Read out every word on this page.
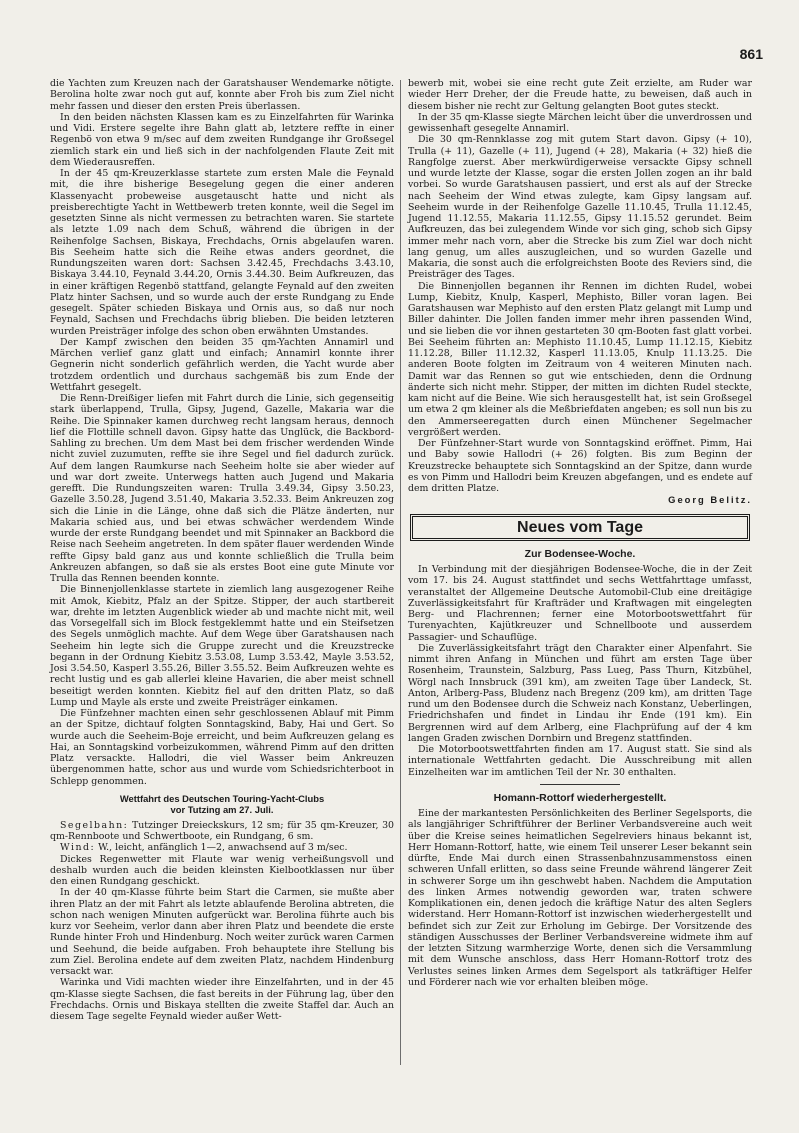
861

die Yachten zum Kreuzen nach der Garatshauser Wendemarke nötigte. Berolina holte zwar noch gut auf, konnte aber Froh bis zum Ziel nicht mehr fassen und dieser den ersten Preis überlassen.

In den beiden nächsten Klassen kam es zu Einzelfahrten für Warinka und Vidi. Erstere segelte ihre Bahn glatt ab, letztere reffte in einer Regenbö von etwa 9 m/sec auf dem zweiten Rundgange ihr Großsegel ziemlich stark ein und ließ sich in der nachfolgenden Flaute Zeit mit dem Wiederausreffen.

In der 45 qm-Kreuzerklasse startete zum ersten Male die Feynald mit, die ihre bisherige Besegelung gegen die einer anderen Klassenyacht probeweise ausgetauscht hatte und nicht als preisberechtigte Yacht in Wettbewerb treten konnte, weil die Segel im gesetzten Sinne als nicht vermessen zu betrachten waren. Sie startete als letzte 1.09 nach dem Schuß, während die übrigen in der Reihenfolge Sachsen, Biskaya, Frechdachs, Ornis abgelaufen waren. Bis Seeheim hatte sich die Reihe etwas anders geordnet, die Rundungszeiten waren dort: Sachsen 3.42.45, Frechdachs 3.43.10, Biskaya 3.44.10, Feynald 3.44.20, Ornis 3.44.30. Beim Aufkreuzen, das in einer kräftigen Regenbö stattfand, gelangte Feynald auf den zweiten Platz hinter Sachsen, und so wurde auch der erste Rundgang zu Ende gesegelt. Später schieden Biskaya und Ornis aus, so daß nur noch Feynald, Sachsen und Frechdachs übrig blieben. Die beiden letzteren wurden Preisträger infolge des schon oben erwähnten Umstandes.

Der Kampf zwischen den beiden 35 qm-Yachten Annamirl und Märchen verlief ganz glatt und einfach; Annamirl konnte ihrer Gegnerin nicht sonderlich gefährlich werden, die Yacht wurde aber trotzdem ordentlich und durchaus sachgemäß bis zum Ende der Wettfahrt gesegelt.

Die Renn-Dreißiger liefen mit Fahrt durch die Linie, sich gegenseitig stark überlappend, Trulla, Gipsy, Jugend, Gazelle, Makaria war die Reihe. Die Spinnaker kamen durchweg recht langsam heraus, dennoch lief die Flottille schnell davon. Gipsy hatte das Unglück, die Backbord-Sahling zu brechen. Um dem Mast bei dem frischer werdenden Winde nicht zuviel zuzumuten, reffte sie ihre Segel und fiel dadurch zurück. Auf dem langen Raumkurse nach Seeheim holte sie aber wieder auf und war dort zweite. Unterwegs hatten auch Jugend und Makaria gerefft. Die Rundungszeiten waren: Trulla 3.49.34, Gipsy 3.50.23, Gazelle 3.50.28, Jugend 3.51.40, Makaria 3.52.33. Beim Ankreuzen zog sich die Linie in die Länge, ohne daß sich die Plätze änderten, nur Makaria schied aus, und bei etwas schwächer werdendem Winde wurde der erste Rundgang beendet und mit Spinnaker an Backbord die Reise nach Seeheim angetreten. In dem später flauer werdenden Winde reffte Gipsy bald ganz aus und konnte schließlich die Trulla beim Ankreuzen abfangen, so daß sie als erstes Boot eine gute Minute vor Trulla das Rennen beenden konnte.

Die Binnenjollenklasse startete in ziemlich lang ausgezogener Reihe mit Amok, Kiebitz, Pfalz an der Spitze. Stipper, der auch startbereit war, drehte im letzten Augenblick wieder ab und machte nicht mit, weil das Vorsegelfall sich im Block festgeklemmt hatte und ein Steifsetzen des Segels unmöglich machte. Auf dem Wege über Garatshausen nach Seeheim hin legte sich die Gruppe zurecht und die Kreuzstrecke begann in der Ordnung Kiebitz 3.53.08, Lump 3.53.42, Mayle 3.53.52, Josi 3.54.50, Kasperl 3.55.26, Biller 3.55.52. Beim Aufkreuzen wehte es recht lustig und es gab allerlei kleine Havarien, die aber meist schnell beseitigt werden konnten. Kiebitz fiel auf den dritten Platz, so daß Lump und Mayle als erste und zweite Preisträger einkamen.

Die Fünfzehner machten einen sehr geschlossenen Ablauf mit Pimm an der Spitze, dichtauf folgten Sonntagskind, Baby, Hai und Gert. So wurde auch die Seeheim-Boje erreicht, und beim Aufkreuzen gelang es Hai, an Sonntagskind vorbeizukommen, während Pimm auf den dritten Platz versackte. Hallodri, die viel Wasser beim Ankreuzen übergenommen hatte, schor aus und wurde vom Schiedsrichterboot in Schlepp genommen.

Wettfahrt des Deutschen Touring-Yacht-Clubs
vor Tutzing am 27. Juli.

Segelbahn: Tutzinger Dreieckskurs, 12 sm; für 35 qm-Kreuzer, 30 qm-Rennboote und Schwertboote, ein Rundgang, 6 sm.

Wind: W., leicht, anfänglich 1—2, anwachsend auf 3 m/sec.

Dickes Regenwetter mit Flaute war wenig verheißungsvoll und deshalb wurden auch die beiden kleinsten Kielbootklassen nur über den einen Rundgang geschickt.

In der 40 qm-Klasse führte beim Start die Carmen, sie mußte aber ihren Platz an der mit Fahrt als letzte ablaufende Berolina abtreten, die schon nach wenigen Minuten aufgerückt war. Berolina führte auch bis kurz vor Seeheim, verlor dann aber ihren Platz und beendete die erste Runde hinter Froh und Hindenburg. Noch weiter zurück waren Carmen und Seehund, die beide aufgaben. Froh behauptete ihre Stellung bis zum Ziel. Berolina endete auf dem zweiten Platz, nachdem Hindenburg versackt war.

Warinka und Vidi machten wieder ihre Einzelfahrten, und in der 45 qm-Klasse siegte Sachsen, die fast bereits in der Führung lag, über den Frechdachs. Ornis und Biskaya stellten die zweite Staffel dar. Auch an diesem Tage segelte Feynald wieder außer Wett-

bewerb mit, wobei sie eine recht gute Zeit erzielte, am Ruder war wieder Herr Dreher, der die Freude hatte, zu beweisen, daß auch in diesem bisher nie recht zur Geltung gelangten Boot gutes steckt.

In der 35 qm-Klasse siegte Märchen leicht über die unverdrossen und gewissenhaft gesegelte Annamirl.

Die 30 qm-Rennklasse zog mit gutem Start davon. Gipsy (+ 10), Trulla (+ 11), Gazelle (+ 11), Jugend (+ 28), Makaria (+ 32) hieß die Rangfolge zuerst. Aber merkwürdigerweise versackte Gipsy schnell und wurde letzte der Klasse, sogar die ersten Jollen zogen an ihr bald vorbei. So wurde Garatshausen passiert, und erst als auf der Strecke nach Seeheim der Wind etwas zulegte, kam Gipsy langsam auf. Seeheim wurde in der Reihenfolge Gazelle 11.10.45, Trulla 11.12.45, Jugend 11.12.55, Makaria 11.12.55, Gipsy 11.15.52 gerundet. Beim Aufkreuzen, das bei zulegendem Winde vor sich ging, schob sich Gipsy immer mehr nach vorn, aber die Strecke bis zum Ziel war doch nicht lang genug, um alles auszugleichen, und so wurden Gazelle und Makaria, die sonst auch die erfolgreichsten Boote des Reviers sind, die Preisträger des Tages.

Die Binnenjollen begannen ihr Rennen im dichten Rudel, wobei Lump, Kiebitz, Knulp, Kasperl, Mephisto, Biller voran lagen. Bei Garatshausen war Mephisto auf den ersten Platz gelangt mit Lump und Biller dahinter. Die Jollen fanden immer mehr ihren passenden Wind, und sie lieben die vor ihnen gestarteten 30 qm-Booten fast glatt vorbei. Bei Seeheim führten an: Mephisto 11.10.45, Lump 11.12.15, Kiebitz 11.12.28, Biller 11.12.32, Kasperl 11.13.05, Knulp 11.13.25. Die anderen Boote folgten im Zeitraum von 4 weiteren Minuten nach. Damit war das Rennen so gut wie entschieden, denn die Ordnung änderte sich nicht mehr. Stipper, der mitten im dichten Rudel steckte, kam nicht auf die Beine. Wie sich herausgestellt hat, ist sein Großsegel um etwa 2 qm kleiner als die Meßbriefdaten angeben; es soll nun bis zu den Ammerseeregatten durch einen Münchener Segelmacher vergrößert werden.

Der Fünfzehner-Start wurde von Sonntagskind eröffnet. Pimm, Hai und Baby sowie Hallodri (+ 26) folgten. Bis zum Beginn der Kreuzstrecke behauptete sich Sonntagskind an der Spitze, dann wurde es von Pimm und Hallodri beim Kreuzen abgefangen, und es endete auf dem dritten Platze.

Georg Belitz.
Neues vom Tage
Zur Bodensee-Woche.

In Verbindung mit der diesjährigen Bodensee-Woche, die in der Zeit vom 17. bis 24. August stattfindet und sechs Wettfahrttage umfasst, veranstaltet der Allgemeine Deutsche Automobil-Club eine dreitägige Zuverlässigkeitsfahrt für Krafträder und Kraftwagen mit eingelegten Berg- und Flachrennen; ferner eine Motorbootswettfahrt für Turenyachten, Kajütkreuzer und Schnellboote und ausserdem Passagier- und Schauflüge.

Die Zuverlässigkeitsfahrt trägt den Charakter einer Alpenfahrt. Sie nimmt ihren Anfang in München und führt am ersten Tage über Rosenheim, Traunstein, Salzburg, Pass Lueg, Pass Thurn, Kitzbühel, Wörgl nach Innsbruck (391 km), am zweiten Tage über Landeck, St. Anton, Arlberg-Pass, Bludenz nach Bregenz (209 km), am dritten Tage rund um den Bodensee durch die Schweiz nach Konstanz, Ueberlingen, Friedrichshafen und findet in Lindau ihr Ende (191 km). Ein Bergrennen wird auf dem Arlberg, eine Flachprüfung auf der 4 km langen Graden zwischen Dornbirn und Bregenz stattfinden.

Die Motorbootswettfahrten finden am 17. August statt. Sie sind als internationale Wettfahrten gedacht. Die Ausschreibung mit allen Einzelheiten war im amtlichen Teil der Nr. 30 enthalten.

Homann-Rottorf wiederhergestellt.

Eine der markantesten Persönlichkeiten des Berliner Segelsports, die als langjähriger Schriftführer der Berliner Verbandsvereine auch weit über die Kreise seines heimatlichen Segelreviers hinaus bekannt ist, Herr Homann-Rottorf, hatte, wie einem Teil unserer Leser bekannt sein dürfte, Ende Mai durch einen Strassenbahnzusammenstoss einen schweren Unfall erlitten, so dass seine Freunde während längerer Zeit in schwerer Sorge um ihn geschwebt haben. Nachdem die Amputation des linken Armes notwendig geworden war, traten schwere Komplikationen ein, denen jedoch die kräftige Natur des alten Seglers widerstand. Herr Homann-Rottorf ist inzwischen wiederhergestellt und befindet sich zur Zeit zur Erholung im Gebirge. Der Vorsitzende des ständigen Ausschusses der Berliner Verbandsvereine widmete ihm auf der letzten Sitzung warmherzige Worte, denen sich die Versammlung mit dem Wunsche anschloss, dass Herr Homann-Rottorf trotz des Verlustes seines linken Armes dem Segelsport als tatkräftiger Helfer und Förderer nach wie vor erhalten bleiben möge.
